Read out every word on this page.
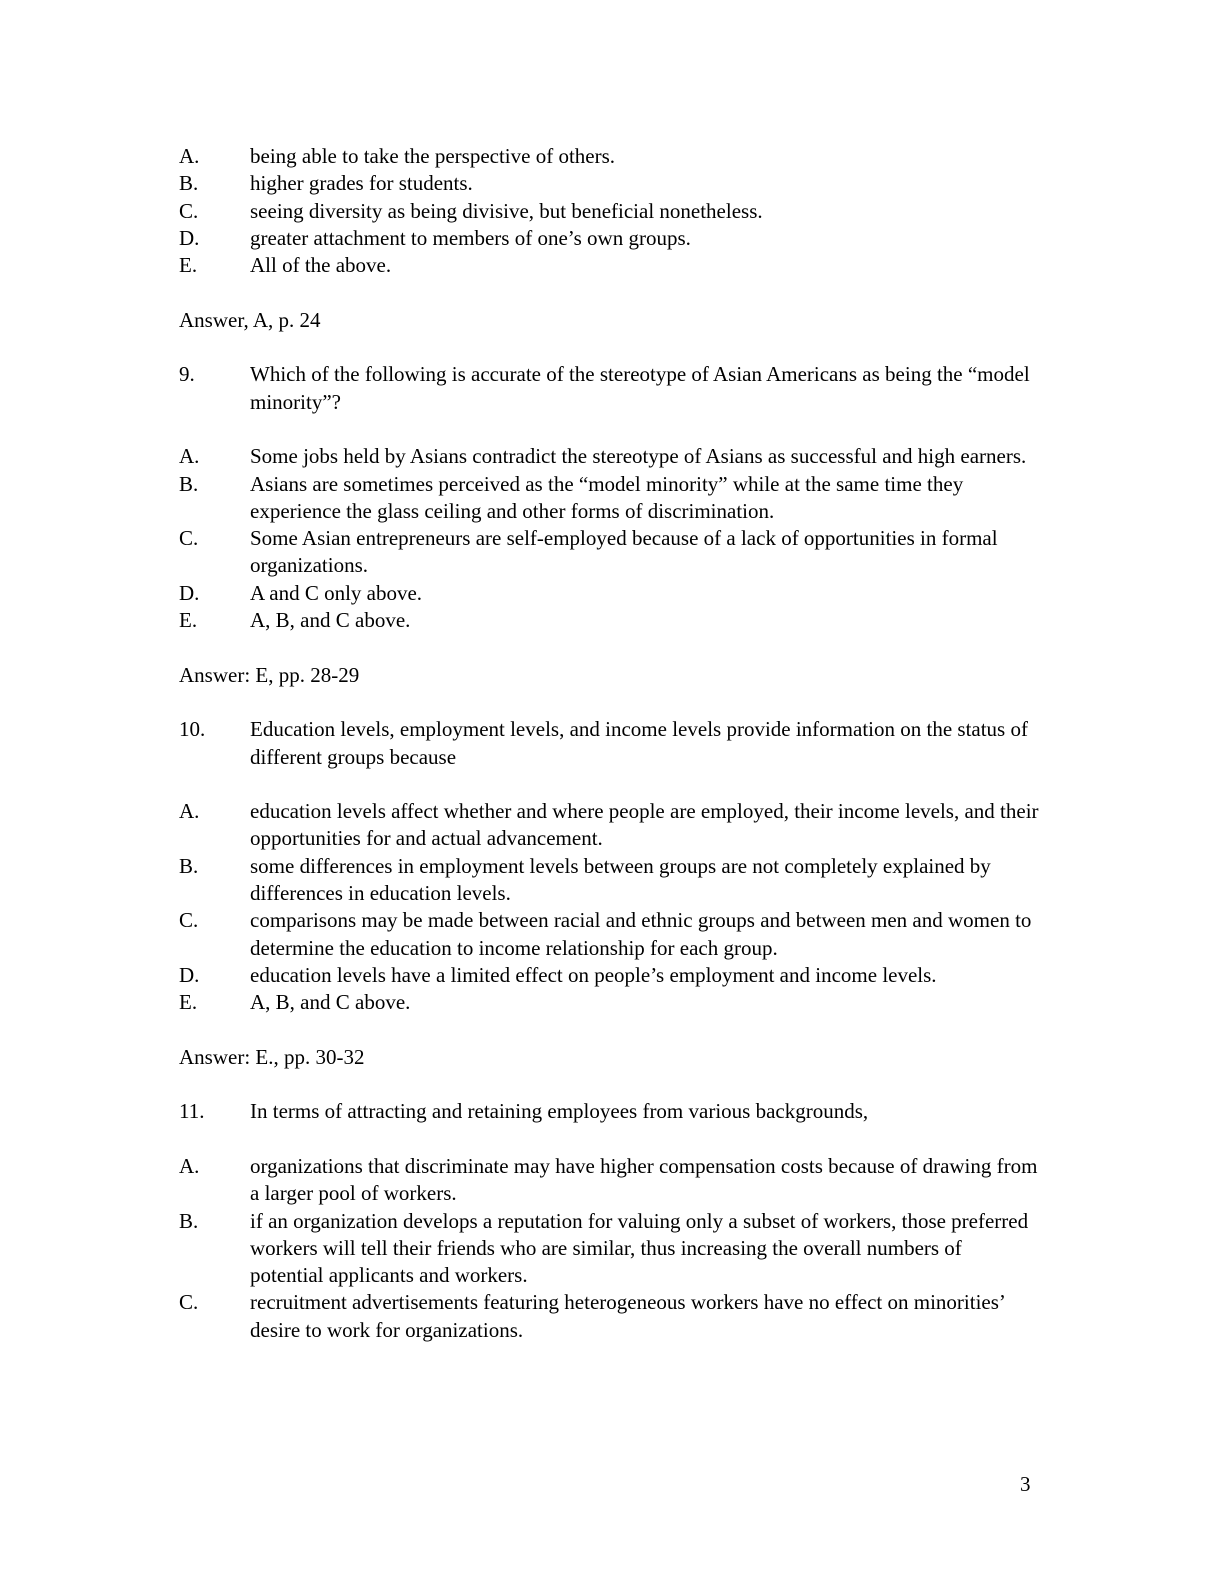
A.	being able to take the perspective of others.
B.	higher grades for students.
C.	seeing diversity as being divisive, but beneficial nonetheless.
D.	greater attachment to members of one’s own groups.
E.	All of the above.
Answer, A, p. 24
9.	Which of the following is accurate of the stereotype of Asian Americans as being the “model minority”?
A.	Some jobs held by Asians contradict the stereotype of Asians as successful and high earners.
B.	Asians are sometimes perceived as the “model minority” while at the same time they experience the glass ceiling and other forms of discrimination.
C.	Some Asian entrepreneurs are self-employed because of a lack of opportunities in formal organizations.
D.	A and C only above.
E.	A, B, and C above.
Answer: E, pp. 28-29
10.	Education levels, employment levels, and income levels provide information on the status of different groups because
A.	education levels affect whether and where people are employed, their income levels, and their opportunities for and actual advancement.
B.	some differences in employment levels between groups are not completely explained by differences in education levels.
C.	comparisons may be made between racial and ethnic groups and between men and women to determine the education to income relationship for each group.
D.	education levels have a limited effect on people’s employment and income levels.
E.	A, B, and C above.
Answer: E., pp. 30-32
11.	In terms of attracting and retaining employees from various backgrounds,
A.	organizations that discriminate may have higher compensation costs because of drawing from a larger pool of workers.
B.	if an organization develops a reputation for valuing only a subset of workers, those preferred workers will tell their friends who are similar, thus increasing the overall numbers of potential applicants and workers.
C.	recruitment advertisements featuring heterogeneous workers have no effect on minorities’ desire to work for organizations.
3
